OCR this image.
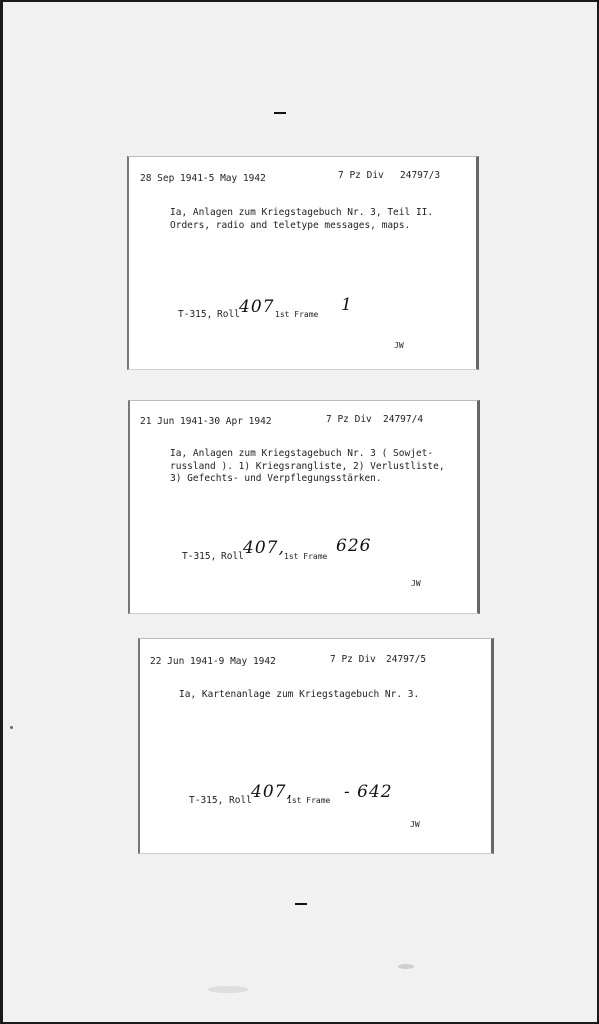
28 Sep 1941-5 May 1942	7 Pz Div 24797/3
Ia, Anlagen zum Kriegstagebuch Nr. 3, Teil II.
Orders, radio and teletype messages, maps.
T-315, Roll 407 1st Frame 1
JW
21 Jun 1941-30 Apr 1942	7 Pz Div 24797/4
Ia, Anlagen zum Kriegstagebuch Nr. 3 ( Sowjet-
russland ). 1) Kriegsrangliste, 2) Verlustliste,
3) Gefechts- und Verpflegungsstärken.
T-315, Roll 407, 1st Frame
626
JW
22 Jun 1941-9 May 1942	7 Pz Div 24797/5
Ia, Kartenanlage zum Kriegstagebuch Nr. 3.
T-315, Roll 407,
1st Frame - 642
JW
